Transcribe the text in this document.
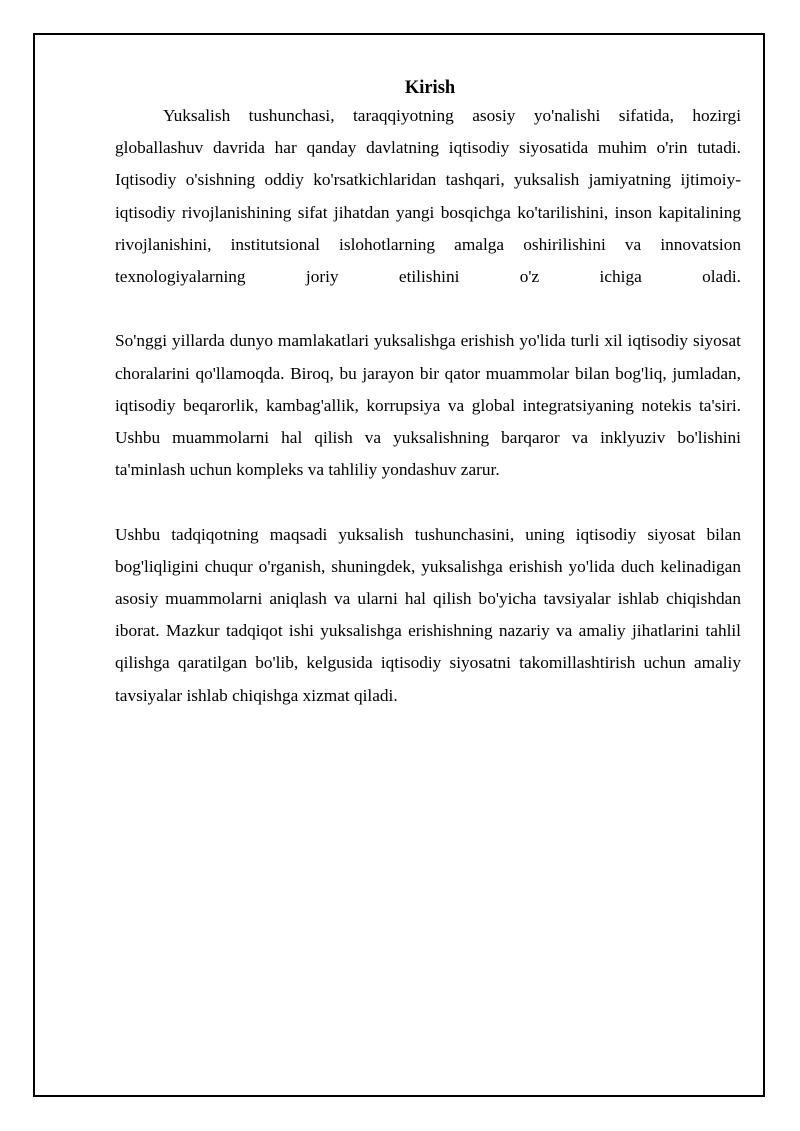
Kirish

Yuksalish tushunchasi, taraqqiyotning asosiy yo'nalishi sifatida, hozirgi globallashuv davrida har qanday davlatning iqtisodiy siyosatida muhim o'rin tutadi. Iqtisodiy o'sishning oddiy ko'rsatkichlaridan tashqari, yuksalish jamiyatning ijtimoiy-iqtisodiy rivojlanishining sifat jihatdan yangi bosqichga ko'tarilishini, inson kapitalining rivojlanishini, institutsional islohotlarning amalga oshirilishini va innovatsion texnologiyalarning joriy etilishini o'z ichiga oladi.

So'nggi yillarda dunyo mamlakatlari yuksalishga erishish yo'lida turli xil iqtisodiy siyosat choralarini qo'llamoqda. Biroq, bu jarayon bir qator muammolar bilan bog'liq, jumladan, iqtisodiy beqarorlik, kambag'allik, korrupsiya va global integratsiyaning notekis ta'siri. Ushbu muammolarni hal qilish va yuksalishning barqaror va inklyuziv bo'lishini ta'minlash uchun kompleks va tahliliy yondashuv zarur.

Ushbu tadqiqotning maqsadi yuksalish tushunchasini, uning iqtisodiy siyosat bilan bog'liqligini chuqur o'rganish, shuningdek, yuksalishga erishish yo'lida duch kelinadigan asosiy muammolarni aniqlash va ularni hal qilish bo'yicha tavsiyalar ishlab chiqishdan iborat. Mazkur tadqiqot ishi yuksalishga erishishning nazariy va amaliy jihatlarini tahlil qilishga qaratilgan bo'lib, kelgusida iqtisodiy siyosatni takomillashtirish uchun amaliy tavsiyalar ishlab chiqishga xizmat qiladi.
